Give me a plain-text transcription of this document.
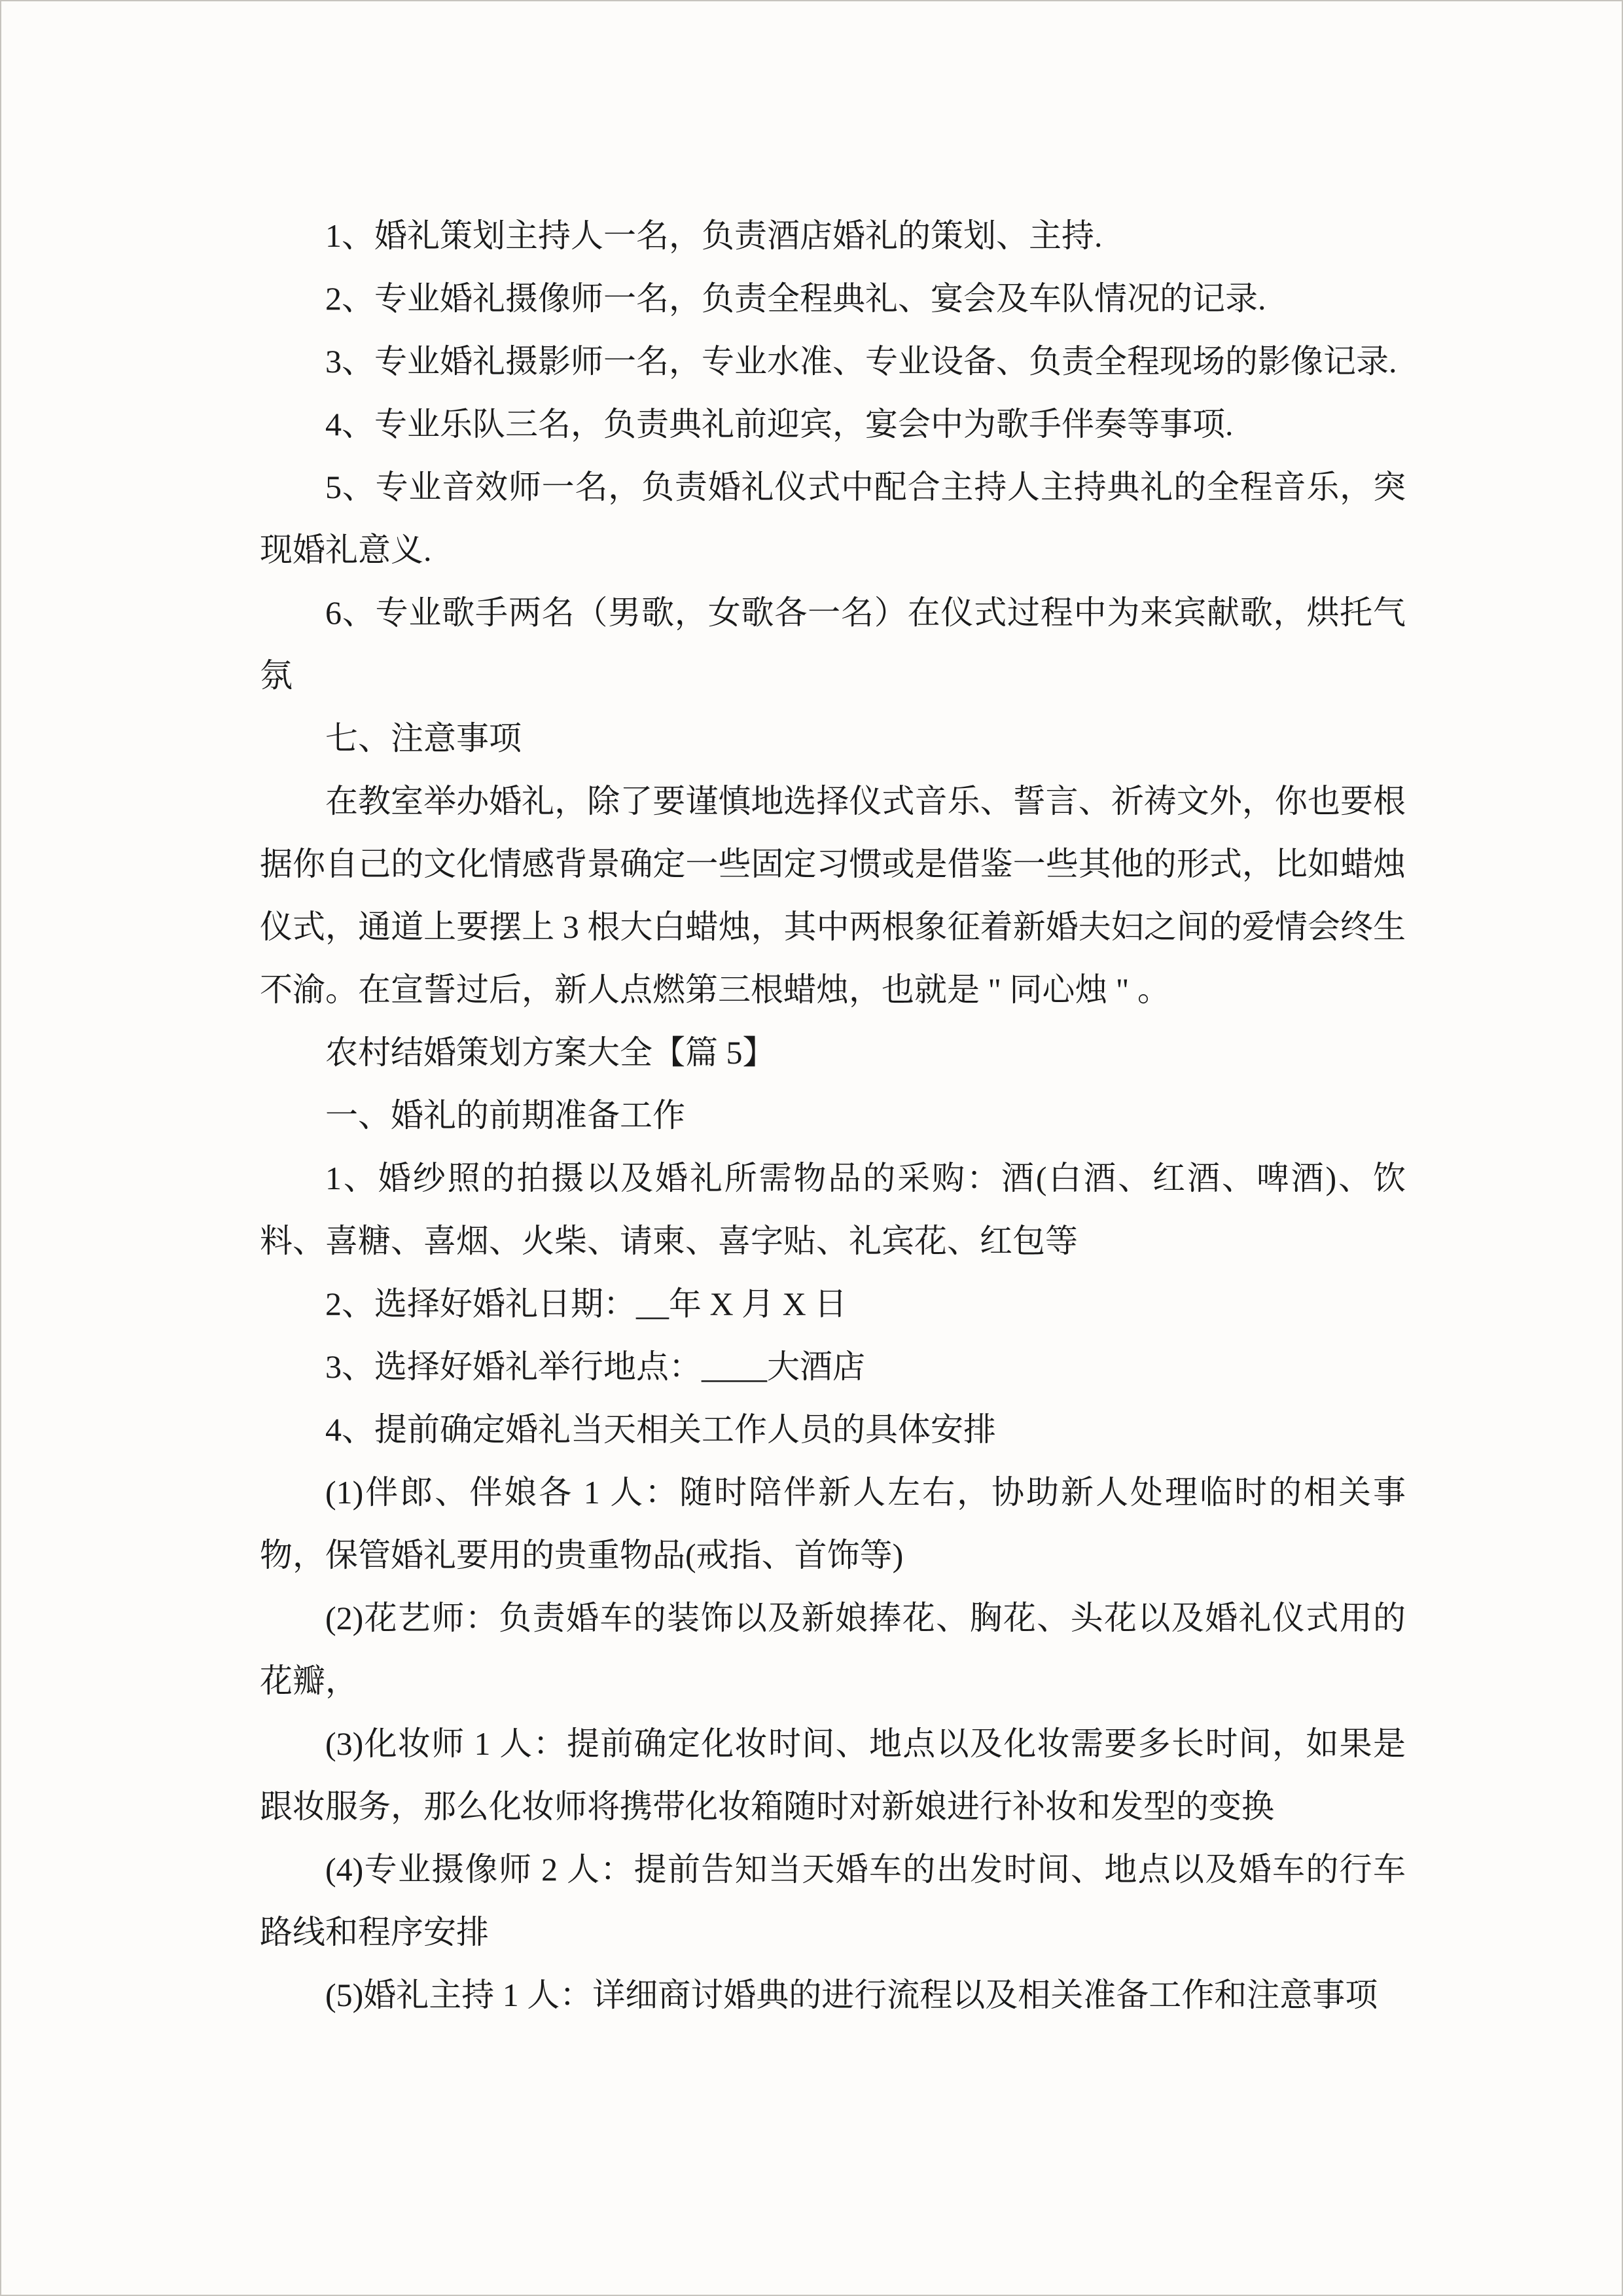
1、婚礼策划主持人一名，负责酒店婚礼的策划、主持.

2、专业婚礼摄像师一名，负责全程典礼、宴会及车队情况的记录.

3、专业婚礼摄影师一名，专业水准、专业设备、负责全程现场的影像记录.

4、专业乐队三名，负责典礼前迎宾，宴会中为歌手伴奏等事项.

5、专业音效师一名，负责婚礼仪式中配合主持人主持典礼的全程音乐，突现婚礼意义.

6、专业歌手两名（男歌，女歌各一名）在仪式过程中为来宾献歌，烘托气氛

七、注意事项

在教室举办婚礼，除了要谨慎地选择仪式音乐、誓言、祈祷文外，你也要根据你自己的文化情感背景确定一些固定习惯或是借鉴一些其他的形式，比如蜡烛仪式，通道上要摆上 3 根大白蜡烛，其中两根象征着新婚夫妇之间的爱情会终生不渝。在宣誓过后，新人点燃第三根蜡烛，也就是 " 同心烛 " 。

农村结婚策划方案大全【篇 5】

一、婚礼的前期准备工作

1、婚纱照的拍摄以及婚礼所需物品的采购：酒(白酒、红酒、啤酒)、饮料、喜糖、喜烟、火柴、请柬、喜字贴、礼宾花、红包等

2、选择好婚礼日期：__年 X 月 X 日

3、选择好婚礼举行地点：____大酒店

4、提前确定婚礼当天相关工作人员的具体安排

(1)伴郎、伴娘各 1 人：随时陪伴新人左右，协助新人处理临时的相关事物，保管婚礼要用的贵重物品(戒指、首饰等)

(2)花艺师：负责婚车的装饰以及新娘捧花、胸花、头花以及婚礼仪式用的花瓣，

(3)化妆师 1 人：提前确定化妆时间、地点以及化妆需要多长时间，如果是跟妆服务，那么化妆师将携带化妆箱随时对新娘进行补妆和发型的变换

(4)专业摄像师 2 人：提前告知当天婚车的出发时间、地点以及婚车的行车路线和程序安排

(5)婚礼主持 1 人：详细商讨婚典的进行流程以及相关准备工作和注意事项
